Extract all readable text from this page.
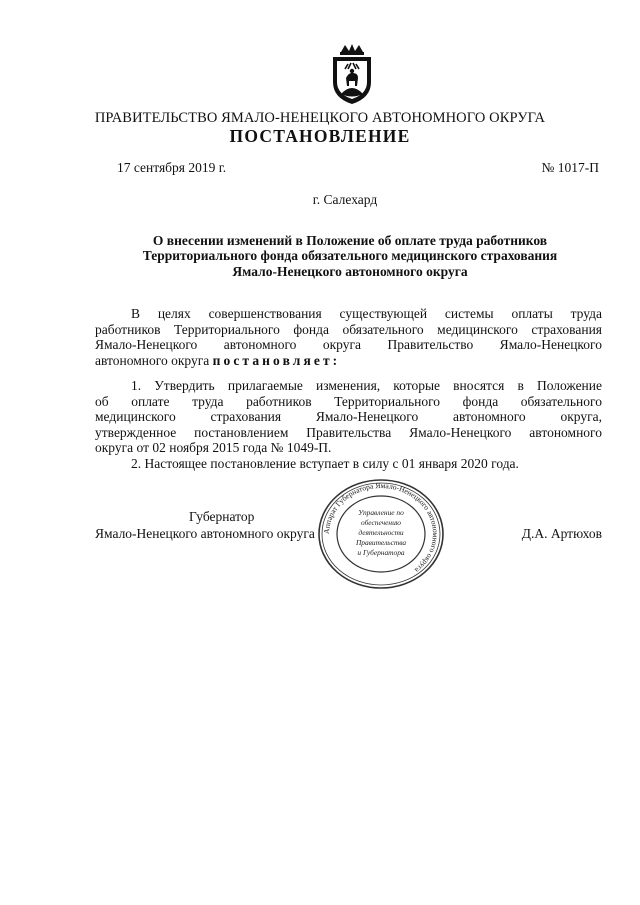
ПРАВИТЕЛЬСТВО ЯМАЛО-НЕНЕЦКОГО АВТОНОМНОГО ОКРУГА
ПОСТАНОВЛЕНИЕ
17 сентября 2019 г.	№ 1017-П
г. Салехард
О внесении изменений в Положение об оплате труда работников
Территориального фонда обязательного медицинского страхования
Ямало-Ненецкого автономного округа
В целях совершенствования существующей системы оплаты труда
работников Территориального фонда обязательного медицинского страхования
Ямало-Ненецкого автономного округа Правительство Ямало-Ненецкого
автономного округа постановляет:
1. Утвердить прилагаемые изменения, которые вносятся в Положение
об оплате труда работников Территориального фонда обязательного
медицинского страхования Ямало-Ненецкого автономного округа,
утвержденное постановлением Правительства Ямало-Ненецкого автономного
округа от 02 ноября 2015 года № 1049-П.
2. Настоящее постановление вступает в силу с 01 января 2020 года.
Губернатор
Ямало-Ненецкого автономного округа	Д.А. Артюхов
Аппарат Губернатора Ямало-Ненецкого автономного округа
Управление по
обеспечению
деятельности
Правительства
и Губернатора
